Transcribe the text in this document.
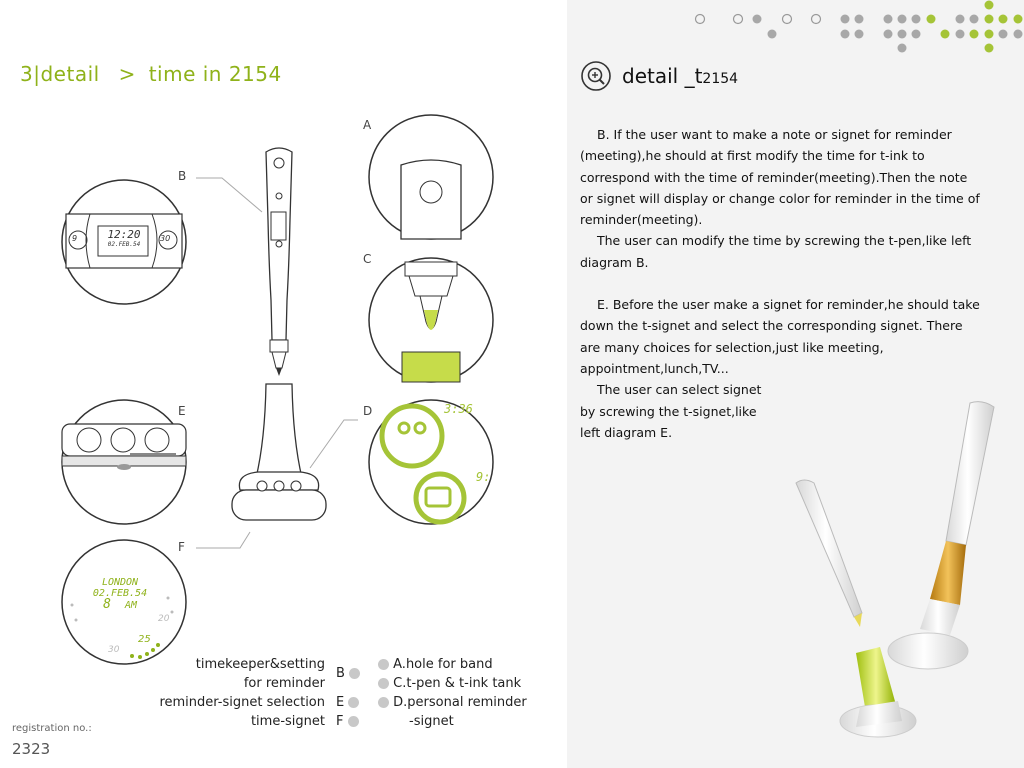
3|detail > time in 2154
A
B
C
D
E
F
12:20
02.FEB.54
9	30
LONDON
02.FEB.54
8 AM
20
25
30
3:36
9:
timekeeper&setting
for reminder
reminder-signet selection
time-signet
B
E
F
A.hole for band
C.t-pen & t-ink tank
D.personal reminder
-signet
registration no.:
2323
detail _t2154

B. If the user want to make a note or signet for reminder (meeting),he should at first modify the time for t-ink to correspond with the time of reminder(meeting).Then the note or signet will display or change color for reminder in the time of reminder(meeting).

The user can modify the time by screwing the t-pen,like left diagram B.

E. Before the user make a signet for reminder,he should take down the t-signet and select the corresponding signet. There are many choices for selection,just like meeting, appointment,lunch,TV...

The user can select signet by screwing the t-signet,like left diagram E.
